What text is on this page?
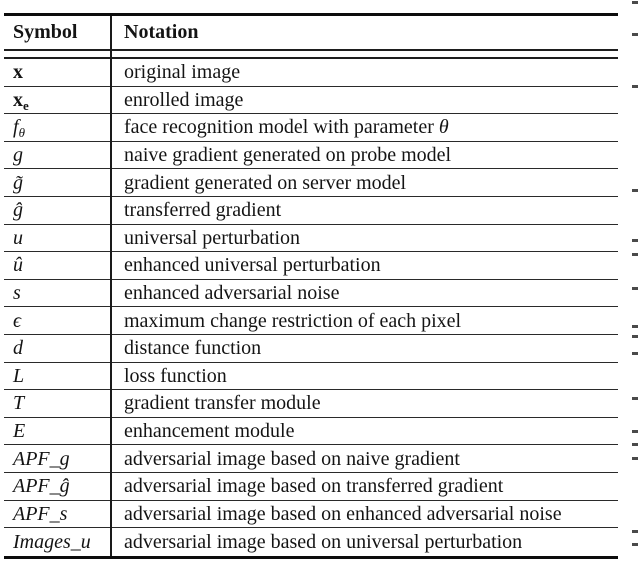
Symbol	Notation
x	original image
$x_e$	enrolled image
$f_\theta$	face recognition model with parameter θ
g	naive gradient generated on probe model
g̃	gradient generated on server model
ĝ	transferred gradient
u	universal perturbation
û	enhanced universal perturbation
s	enhanced adversarial noise
ϵ	maximum change restriction of each pixel
d	distance function
L	loss function
T	gradient transfer module
E	enhancement module
APF_g	adversarial image based on naive gradient
APF_ĝ	adversarial image based on transferred gradient
APF_s	adversarial image based on enhanced adversarial noise
Images_u	adversarial image based on universal perturbation
